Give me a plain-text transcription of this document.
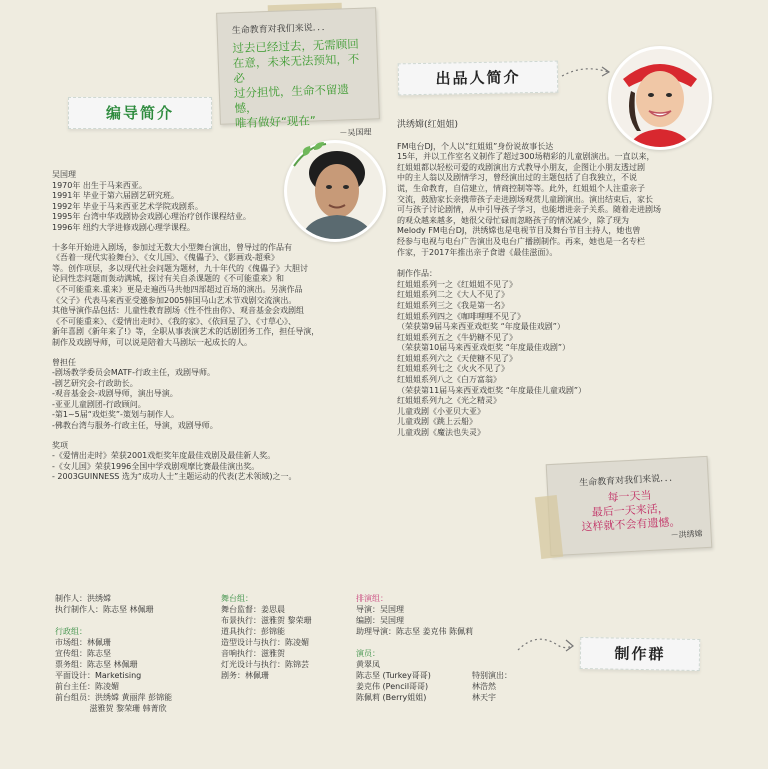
生命教育对我们来说．．．
过去已经过去，无需顾回
在意，未来无法预知，不必
过分担忧，生命不留遗憾，
唯有做好“现在”
－吴国理
编导简介

吴国理

1970年 出生于马来西亚。
1991年 毕业于第六届剧艺研究班。
1992年 毕业于马来西亚艺术学院戏剧系。
1995年 台湾中华戏剧协会戏剧心理治疗创作课程结业。
1996年 纽约大学进修戏剧心理学课程。
十多年开始进入剧场，参加过无数大小型舞台演出，曾导过的作品有
《吾着一现代实验舞台》、《女儿国》、《傀儡子》、《影画戏-超乘》
等。创作项层，多以现代社会问题为题材，九十年代的《傀儡子》大胆讨
论同性恋问题而轰动满城，探讨有关自杀课题的《不可能重来》和
《不可能重来.重来》更是走遍西马共他四部超过百场的演出。另演作品
《父子》代表马来西亚受邀参加2005韩国马山艺术节戏剧交流演出。
其他导演作品包括：儿童性教育剧场《性不性由你》、观音基金会戏剧组
《不可能重来》、《爱情出走时》、《我的家》、《依回星了》、《寸草心》、
新年喜剧《新年来了!》等，全职从事表演艺术的话剧团务工作，担任导演，
制作及戏剧导师，可以说是陪着大马剧坛一起成长的人。

曾担任

-剧场教学委员会MATF-行政主任，戏剧导师。
-剧艺研究会-行政助长。
-观音基金会-戏剧导师，演出导演。
-亚亚儿童剧团-行政顾问。
-第1~5届“戏炬奖”-策划与制作人。
-佛教台湾与服务-行政主任，导演，戏剧导师。

奖项

-《爱情出走时》荣获2001戏炬奖年度最佳戏剧及最佳新人奖。
-《女儿国》荣获1996全国中学戏剧观摩比赛最佳演出奖。
- 2003GUINNESS 选为“成功人士”主题运动的代表(艺术领域)之一。
出品人简介

洪绣嫦(红姐姐)

FM电台DJ，个人以“红姐姐”身份说故事长达
15年，并以工作室名义制作了超过300场精彩的儿童剧演出。一直以来，
红姐姐都以轻松可爱的戏剧演出方式教导小朋友，企图让小朋友透过剧
中的主人翁以及剧情学习，曾经演出过的主题包括了自我独立，不说
谎，生命教育，自信建立，情商控制等等。此外，红姐姐个人注重亲子
交流，鼓励家长亲携带孩子走进剧场观赏儿童剧演出。演出结束后，家长
可与孩子讨论剧情，从中引导孩子学习，也能增进亲子关系。随着走进剧场
的观众越来越多，她很父母忙碌而忽略孩子的情况减少，除了现为
Melody FM电台DJ，洪绣嫦也是电视节目及舞台节目主持人，她也曾
经参与电视与电台广告演出及电台广播剧制作。再来，她也是一名专栏
作家，于2017年推出亲子食谱《最佳滋面》。

制作作品：

红姐姐系列一之《红姐姐不见了》
红姐姐系列二之《大人不见了》
红姐姐系列三之《我是第一名》
红姐姐系列四之《咖啡哩哩不见了》
（荣获第9届马来西亚戏炬奖 “年度最佳戏剧”）
红姐姐系列五之《牛奶糖不见了》
（荣获第10届马来西亚戏炬奖 “年度最佳戏剧”）
红姐姐系列六之《天使糖不见了》
红姐姐系列七之《火火不见了》
红姐姐系列八之《白万富翁》
（荣获第11届马来西亚戏炬奖 “年度最佳儿童戏剧”）
红姐姐系列九之《光之精灵》
儿童戏剧《小亚贝大亚》
儿童戏剧《跳上云船》
儿童戏剧《魔法也失灵》
生命教育对我们来说．．．
每一天当
最后一天来活，
这样就不会有遗憾。
－洪绣嫦
制作人：洪绣嫦
执行制作人：陈志坚 林佩珊
行政组：
市场组：林佩珊
宣传组：陈志坚
票务组：陈志坚 林佩珊
平面设计：Marketising
前台主任：陈凌媚
前台组员：洪绣嫦 黄丽萍 彭锦能
　　　　 滋雅贺 黎荣珊 韩菁欣
舞台组：
舞台监督：姜思晨
布景执行：滋雅贺 黎荣珊
道具执行：彭锦能
造型设计与执行：陈凌媚
音响执行：滋雅贺
灯光设计与执行：陈锦芸
剧务：林佩珊
排演组：
导演：吴国理
编剧：吴国理
助理导演：陈志坚 姜克伟 陈佩莉
演员：
黄翠凤
陈志坚 (Turkey哥哥)
姜克伟 (Pencil哥哥)
陈佩莉 (Berry姐姐)
特别演出：
林浩然
林天宇
制作群
